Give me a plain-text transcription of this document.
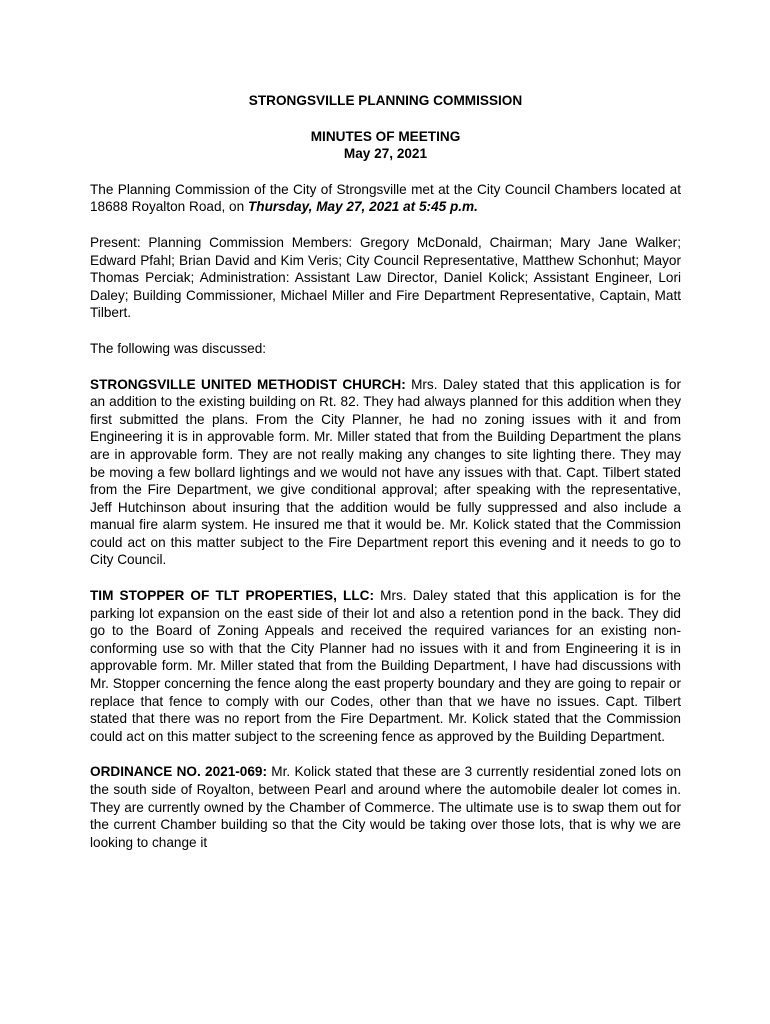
STRONGSVILLE PLANNING COMMISSION
MINUTES OF MEETING
May 27, 2021

The Planning Commission of the City of Strongsville met at the City Council Chambers located at 18688 Royalton Road, on Thursday, May 27, 2021 at 5:45 p.m.

Present: Planning Commission Members: Gregory McDonald, Chairman; Mary Jane Walker; Edward Pfahl; Brian David and Kim Veris; City Council Representative, Matthew Schonhut; Mayor Thomas Perciak; Administration: Assistant Law Director, Daniel Kolick; Assistant Engineer, Lori Daley; Building Commissioner, Michael Miller and Fire Department Representative, Captain, Matt Tilbert.

The following was discussed:

STRONGSVILLE UNITED METHODIST CHURCH: Mrs. Daley stated that this application is for an addition to the existing building on Rt. 82. They had always planned for this addition when they first submitted the plans. From the City Planner, he had no zoning issues with it and from Engineering it is in approvable form. Mr. Miller stated that from the Building Department the plans are in approvable form. They are not really making any changes to site lighting there. They may be moving a few bollard lightings and we would not have any issues with that. Capt. Tilbert stated from the Fire Department, we give conditional approval; after speaking with the representative, Jeff Hutchinson about insuring that the addition would be fully suppressed and also include a manual fire alarm system. He insured me that it would be. Mr. Kolick stated that the Commission could act on this matter subject to the Fire Department report this evening and it needs to go to City Council.

TIM STOPPER OF TLT PROPERTIES, LLC: Mrs. Daley stated that this application is for the parking lot expansion on the east side of their lot and also a retention pond in the back. They did go to the Board of Zoning Appeals and received the required variances for an existing non-conforming use so with that the City Planner had no issues with it and from Engineering it is in approvable form. Mr. Miller stated that from the Building Department, I have had discussions with Mr. Stopper concerning the fence along the east property boundary and they are going to repair or replace that fence to comply with our Codes, other than that we have no issues. Capt. Tilbert stated that there was no report from the Fire Department. Mr. Kolick stated that the Commission could act on this matter subject to the screening fence as approved by the Building Department.

ORDINANCE NO. 2021-069: Mr. Kolick stated that these are 3 currently residential zoned lots on the south side of Royalton, between Pearl and around where the automobile dealer lot comes in. They are currently owned by the Chamber of Commerce. The ultimate use is to swap them out for the current Chamber building so that the City would be taking over those lots, that is why we are looking to change it
